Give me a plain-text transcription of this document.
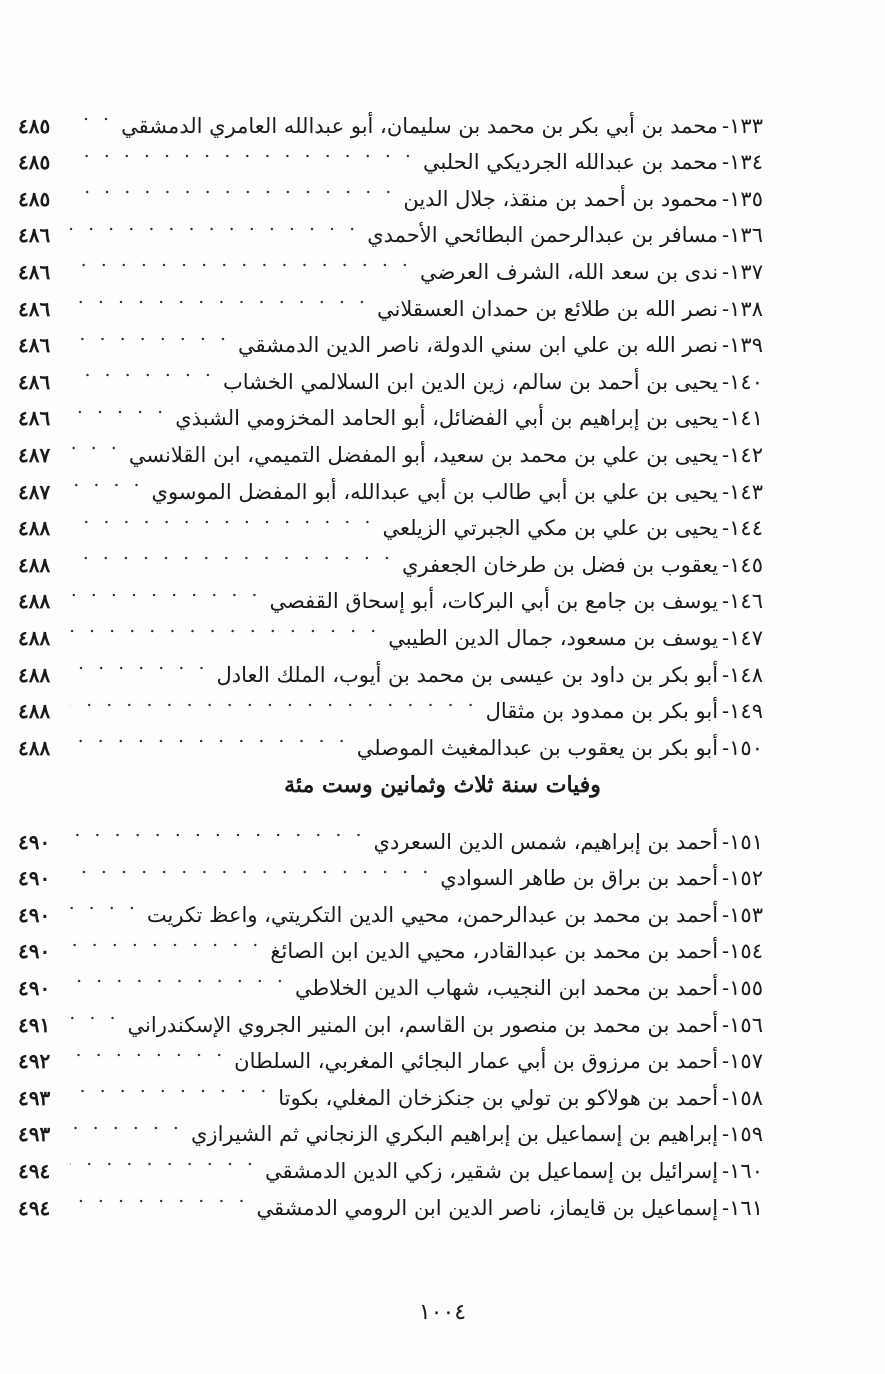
١٣٣-
محمد بن أبي بكر بن محمد بن سليمان، أبو عبدالله العامري الدمشقي
. . .
٤٨٥
١٣٤-
محمد بن عبدالله الجرديكي الحلبي
. . .
٤٨٥
١٣٥-
محمود بن أحمد بن منقذ، جلال الدين
. . .
٤٨٥
١٣٦-
مسافر بن عبدالرحمن البطائحي الأحمدي
. . .
٤٨٦
١٣٧-
ندى بن سعد الله، الشرف العرضي
. . .
٤٨٦
١٣٨-
نصر الله بن طلائع بن حمدان العسقلاني
. . .
٤٨٦
١٣٩-
نصر الله بن علي ابن سني الدولة، ناصر الدين الدمشقي
. . .
٤٨٦
١٤٠-
يحيى بن أحمد بن سالم، زين الدين ابن السلالمي الخشاب
. . .
٤٨٦
١٤١-
يحيى بن إبراهيم بن أبي الفضائل، أبو الحامد المخزومي الشبذي
. . .
٤٨٦
١٤٢-
يحيى بن علي بن محمد بن سعيد، أبو المفضل التميمي، ابن القلانسي
. . .
٤٨٧
١٤٣-
يحيى بن علي بن أبي طالب بن أبي عبدالله، أبو المفضل الموسوي
. . .
٤٨٧
١٤٤-
يحيى بن علي بن مكي الجبرتي الزيلعي
. . .
٤٨٨
١٤٥-
يعقوب بن فضل بن طرخان الجعفري
. . .
٤٨٨
١٤٦-
يوسف بن جامع بن أبي البركات، أبو إسحاق القفصي
. . .
٤٨٨
١٤٧-
يوسف بن مسعود، جمال الدين الطيبي
. . .
٤٨٨
١٤٨-
أبو بكر بن داود بن عيسى بن محمد بن أيوب، الملك العادل
. . .
٤٨٨
١٤٩-
أبو بكر بن ممدود بن مثقال
. . .
٤٨٨
١٥٠-
أبو بكر بن يعقوب بن عبدالمغيث الموصلي
. . .
٤٨٨
وفيات سنة ثلاث وثمانين وست مئة
١٥١-
أحمد بن إبراهيم، شمس الدين السعردي
. . .
٤٩٠
١٥٢-
أحمد بن براق بن طاهر السوادي
. . .
٤٩٠
١٥٣-
أحمد بن محمد بن عبدالرحمن، محيي الدين التكريتي، واعظ تكريت
. . .
٤٩٠
١٥٤-
أحمد بن محمد بن عبدالقادر، محيي الدين ابن الصائغ
. . .
٤٩٠
١٥٥-
أحمد بن محمد ابن النجيب، شهاب الدين الخلاطي
. . .
٤٩٠
١٥٦-
أحمد بن محمد بن منصور بن القاسم، ابن المنير الجروي الإسكندراني
. . .
٤٩١
١٥٧-
أحمد بن مرزوق بن أبي عمار البجائي المغربي، السلطان
. . .
٤٩٢
١٥٨-
أحمد بن هولاكو بن تولي بن جنكزخان المغلي، بكوتا
. . .
٤٩٣
١٥٩-
إبراهيم بن إسماعيل بن إبراهيم البكري الزنجاني ثم الشيرازي
. . .
٤٩٣
١٦٠-
إسرائيل بن إسماعيل بن شقير، زكي الدين الدمشقي
. . .
٤٩٤
١٦١-
إسماعيل بن قايماز، ناصر الدين ابن الرومي الدمشقي
. . .
٤٩٤
١٠٠٤
